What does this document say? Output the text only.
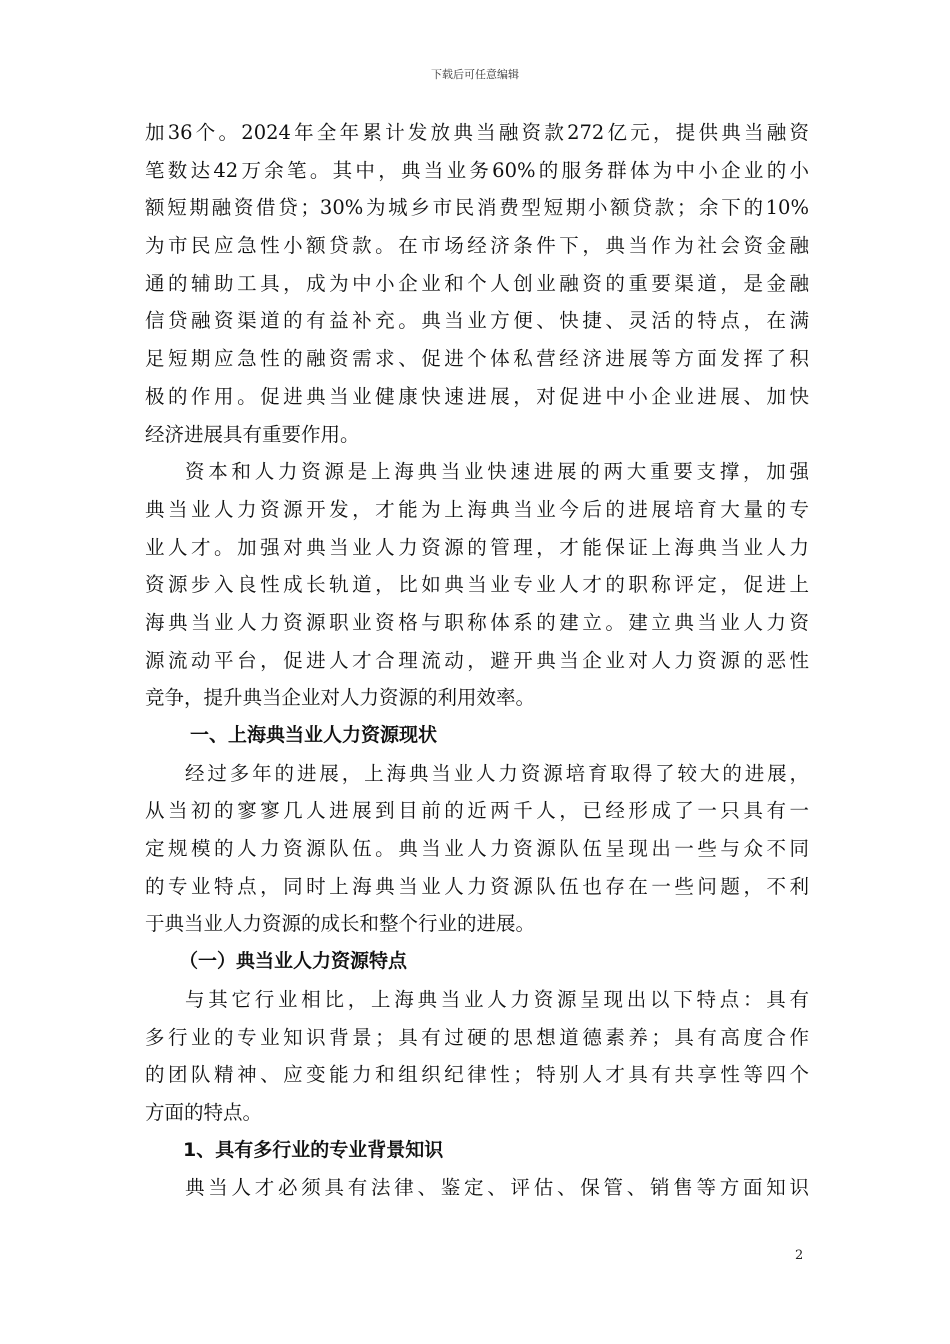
下载后可任意编辑
加36个。2024年全年累计发放典当融资款272亿元，提供典当融资
笔数达42万余笔。其中，典当业务60%的服务群体为中小企业的小
额短期融资借贷；30%为城乡市民消费型短期小额贷款；余下的10%
为市民应急性小额贷款。在市场经济条件下，典当作为社会资金融
通的辅助工具，成为中小企业和个人创业融资的重要渠道，是金融
信贷融资渠道的有益补充。典当业方便、快捷、灵活的特点，在满
足短期应急性的融资需求、促进个体私营经济进展等方面发挥了积
极的作用。促进典当业健康快速进展，对促进中小企业进展、加快
经济进展具有重要作用。
资本和人力资源是上海典当业快速进展的两大重要支撑，加强
典当业人力资源开发，才能为上海典当业今后的进展培育大量的专
业人才。加强对典当业人力资源的管理，才能保证上海典当业人力
资源步入良性成长轨道，比如典当业专业人才的职称评定，促进上
海典当业人力资源职业资格与职称体系的建立。建立典当业人力资
源流动平台，促进人才合理流动，避开典当企业对人力资源的恶性
竞争，提升典当企业对人力资源的利用效率。
一、上海典当业人力资源现状
经过多年的进展，上海典当业人力资源培育取得了较大的进展，
从当初的寥寥几人进展到目前的近两千人，已经形成了一只具有一
定规模的人力资源队伍。典当业人力资源队伍呈现出一些与众不同
的专业特点，同时上海典当业人力资源队伍也存在一些问题，不利
于典当业人力资源的成长和整个行业的进展。
（一）典当业人力资源特点
与其它行业相比，上海典当业人力资源呈现出以下特点：具有
多行业的专业知识背景；具有过硬的思想道德素养；具有高度合作
的团队精神、应变能力和组织纪律性；特别人才具有共享性等四个
方面的特点。
1、具有多行业的专业背景知识
典当人才必须具有法律、鉴定、评估、保管、销售等方面知识
2
